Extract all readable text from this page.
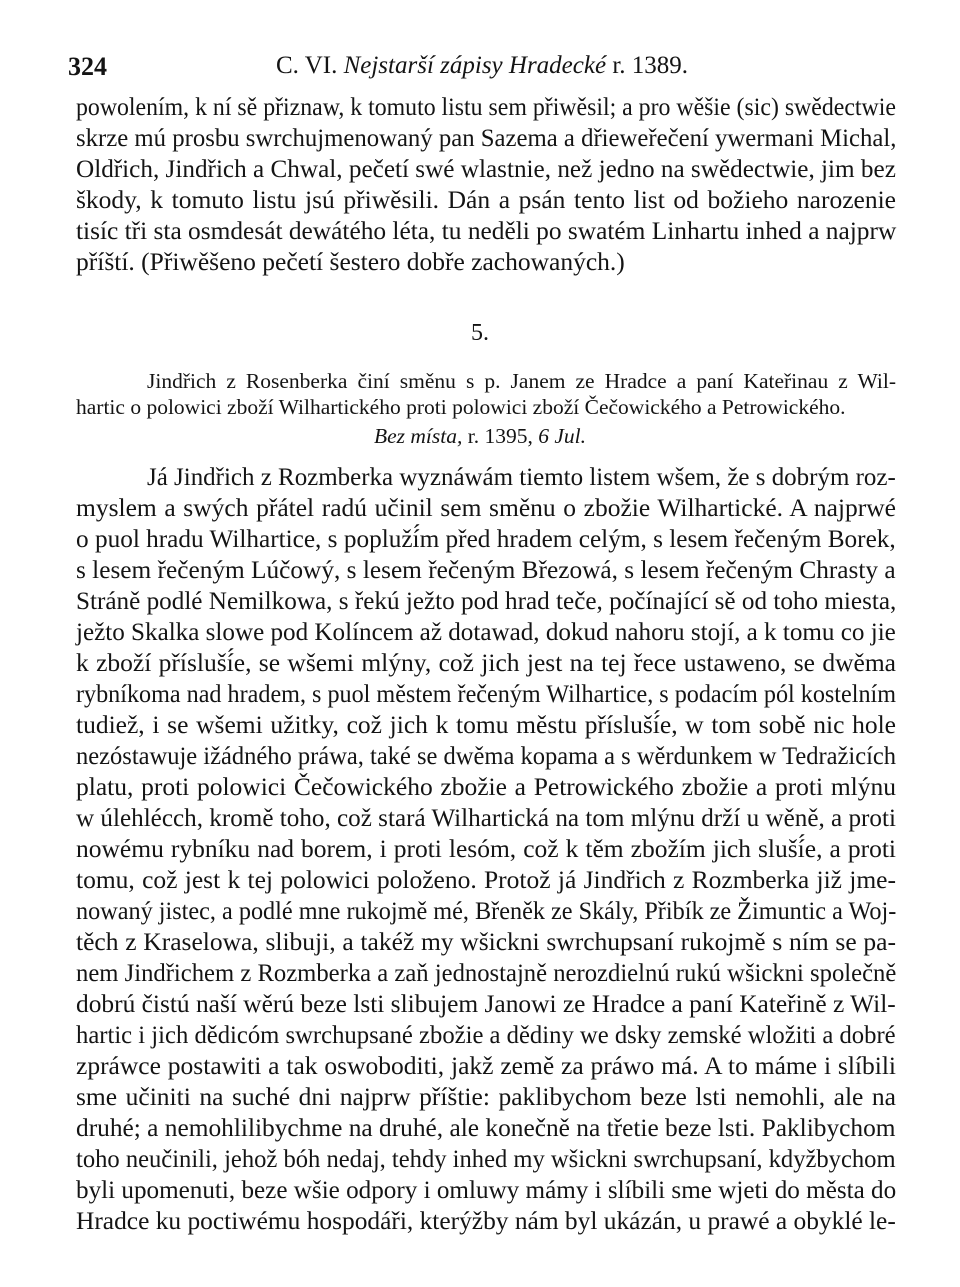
324	C. VI. Nejstarší zápisy Hradecké r. 1389.
powolením, k ní sě přiznaw, k tomuto listu sem přiwěsil; a pro wěšie (sic) swědectwie
skrze mú prosbu swrchujmenowaný pan Sazema a dřieweřečení ywermani Michal,
Oldřich, Jindřich a Chwal, pečetí swé wlastnie, než jedno na swědectwie, jim bez
škody, k tomuto listu jsú přiwěsili. Dán a psán tento list od božieho narozenie
tisíc tři sta osmdesát dewátého léta, tu neděli po swatém Linhartu inhed a najprw
příští. (Přiwěšeno pečetí šestero dobře zachowaných.)
5.
Jindřich z Rosenberka činí směnu s p. Janem ze Hradce a paní Kateřinau z Wil-
hartic o polowici zboží Wilhartického proti polowici zboží Čečowického a Petrowického.
Bez místa, r. 1395, 6 Jul.
Já Jindřich z Rozmberka wyznáwám tiemto listem wšem, že s dobrým roz-
myslem a swých přátel radú učinil sem směnu o zbožie Wilhartické. A najprwé
o puol hradu Wilhartice, s popluží́m před hradem celým, s lesem řečeným Borek,
s lesem řečeným Lúčowý, s lesem řečeným Březowá, s lesem řečeným Chrasty a
Stráně podlé Nemilkowa, s řekú ježto pod hrad teče, počínající sě od toho miesta,
ježto Skalka slowe pod Kolíncem až dotawad, dokud nahoru stojí, a k tomu co jie
k zboží přísluší́e, se wšemi mlýny, což jich jest na tej řece ustaweno, se dwěma
rybníkoma nad hradem, s puol městem řečeným Wilhartice, s podacím pól kostelním
tudiež, i se wšemi užitky, což jich k tomu městu přísluší́e, w tom sobě nic hole
nezóstawuje ižádného práwa, také se dwěma kopama a s wěrdunkem w Tedražicích
platu, proti polowici Čečowického zbožie a Petrowického zbožie a proti mlýnu
w úlehlécch, kromě toho, což stará Wilhartická na tom mlýnu drží u wěně, a proti
nowému rybníku nad borem, i proti lesóm, což k těm zbožím jich sluší́e, a proti
tomu, což jest k tej polowici položeno. Protož já Jindřich z Rozmberka již jme-
nowaný jistec, a podlé mne rukojmě mé, Břeněk ze Skály, Přibík ze Žimuntic a Woj-
těch z Kraselowa, slibuji, a takéž my wšickni swrchupsaní rukojmě s ním se pa-
nem Jindřichem z Rozmberka a zaň jednostajně nerozdielnú rukú wšickni společně
dobrú čistú naší wěrú beze lsti slibujem Janowi ze Hradce a paní Kateřině z Wil-
hartic i jich dědicóm swrchupsané zbožie a dědiny we dsky zemské wložiti a dobré
zpráwce postawiti a tak oswoboditi, jakž země za práwo má. A to máme i slíbili
sme učiniti na suché dni najprw příštie: paklibychom beze lsti nemohli, ale na
druhé; a nemohlilibychme na druhé, ale konečně na třetie beze lsti. Paklibychom
toho neučinili, jehož bóh nedaj, tehdy inhed my wšickni swrchupsaní, kdyžbychom
byli upomenuti, beze wšie odpory i omluwy mámy i slíbili sme wjeti do města do
Hradce ku poctiwému hospodáři, kterýžby nám byl ukázán, u prawé a obyklé le-
